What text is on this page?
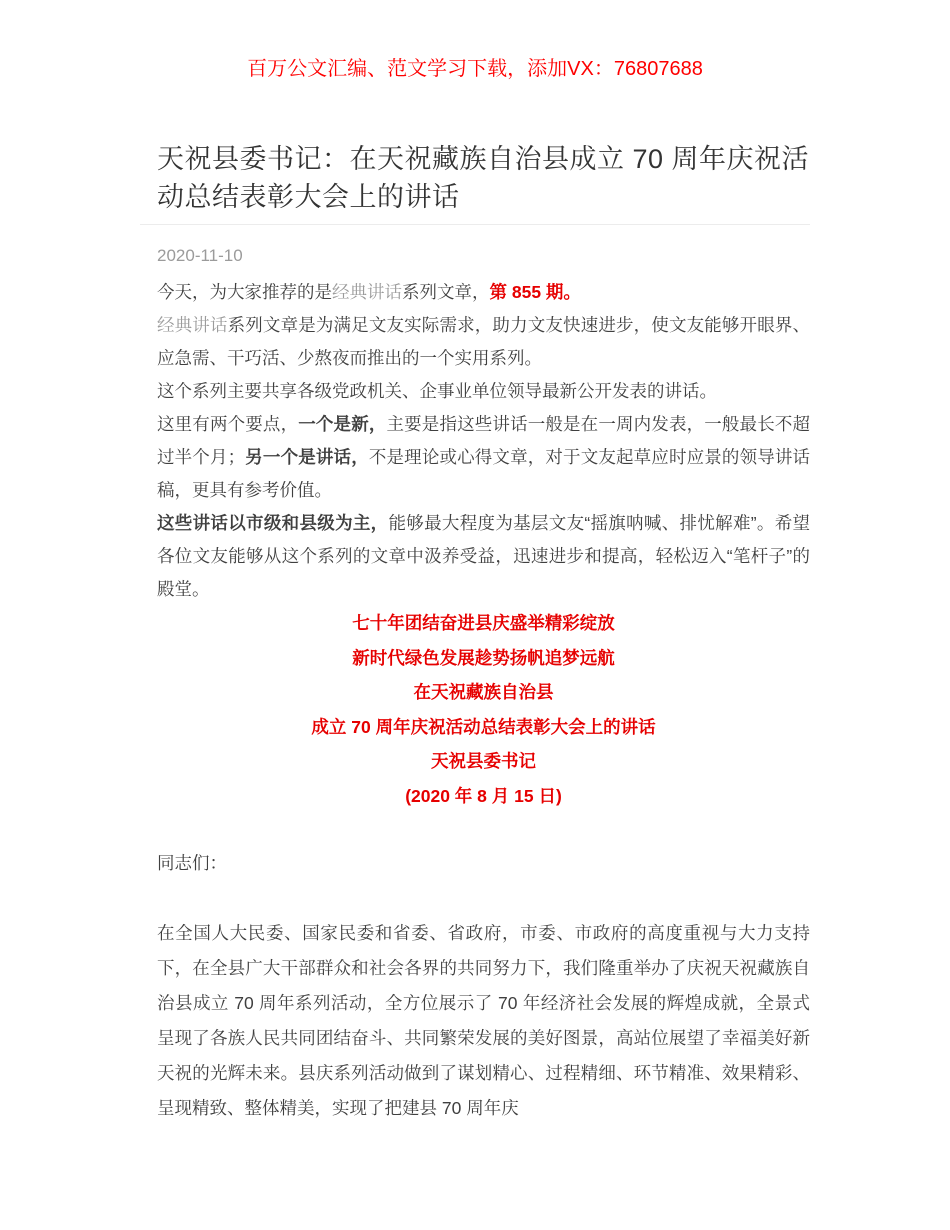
百万公文汇编、范文学习下载，添加VX：76807688
天祝县委书记：在天祝藏族自治县成立 70 周年庆祝活动总结表彰大会上的讲话
2020-11-10

今天，为大家推荐的是经典讲话系列文章，第 855 期。

经典讲话系列文章是为满足文友实际需求，助力文友快速进步，使文友能够开眼界、应急需、干巧活、少熬夜而推出的一个实用系列。

这个系列主要共享各级党政机关、企事业单位领导最新公开发表的讲话。

这里有两个要点，一个是新，主要是指这些讲话一般是在一周内发表，一般最长不超过半个月；另一个是讲话，不是理论或心得文章，对于文友起草应时应景的领导讲话稿，更具有参考价值。

这些讲话以市级和县级为主，能够最大程度为基层文友“摇旗呐喊、排忧解难”。希望各位文友能够从这个系列的文章中汲养受益，迅速进步和提高，轻松迈入“笔杆子”的殿堂。

七十年团结奋进县庆盛举精彩绽放
新时代绿色发展趁势扬帆追梦远航
在天祝藏族自治县
成立 70 周年庆祝活动总结表彰大会上的讲话
天祝县委书记
(2020 年 8 月 15 日)

同志们：

在全国人大民委、国家民委和省委、省政府，市委、市政府的高度重视与大力支持下，在全县广大干部群众和社会各界的共同努力下，我们隆重举办了庆祝天祝藏族自治县成立 70 周年系列活动，全方位展示了 70 年经济社会发展的辉煌成就，全景式呈现了各族人民共同团结奋斗、共同繁荣发展的美好图景，高站位展望了幸福美好新天祝的光辉未来。县庆系列活动做到了谋划精心、过程精细、环节精准、效果精彩、呈现精致、整体精美，实现了把建县 70 周年庆
